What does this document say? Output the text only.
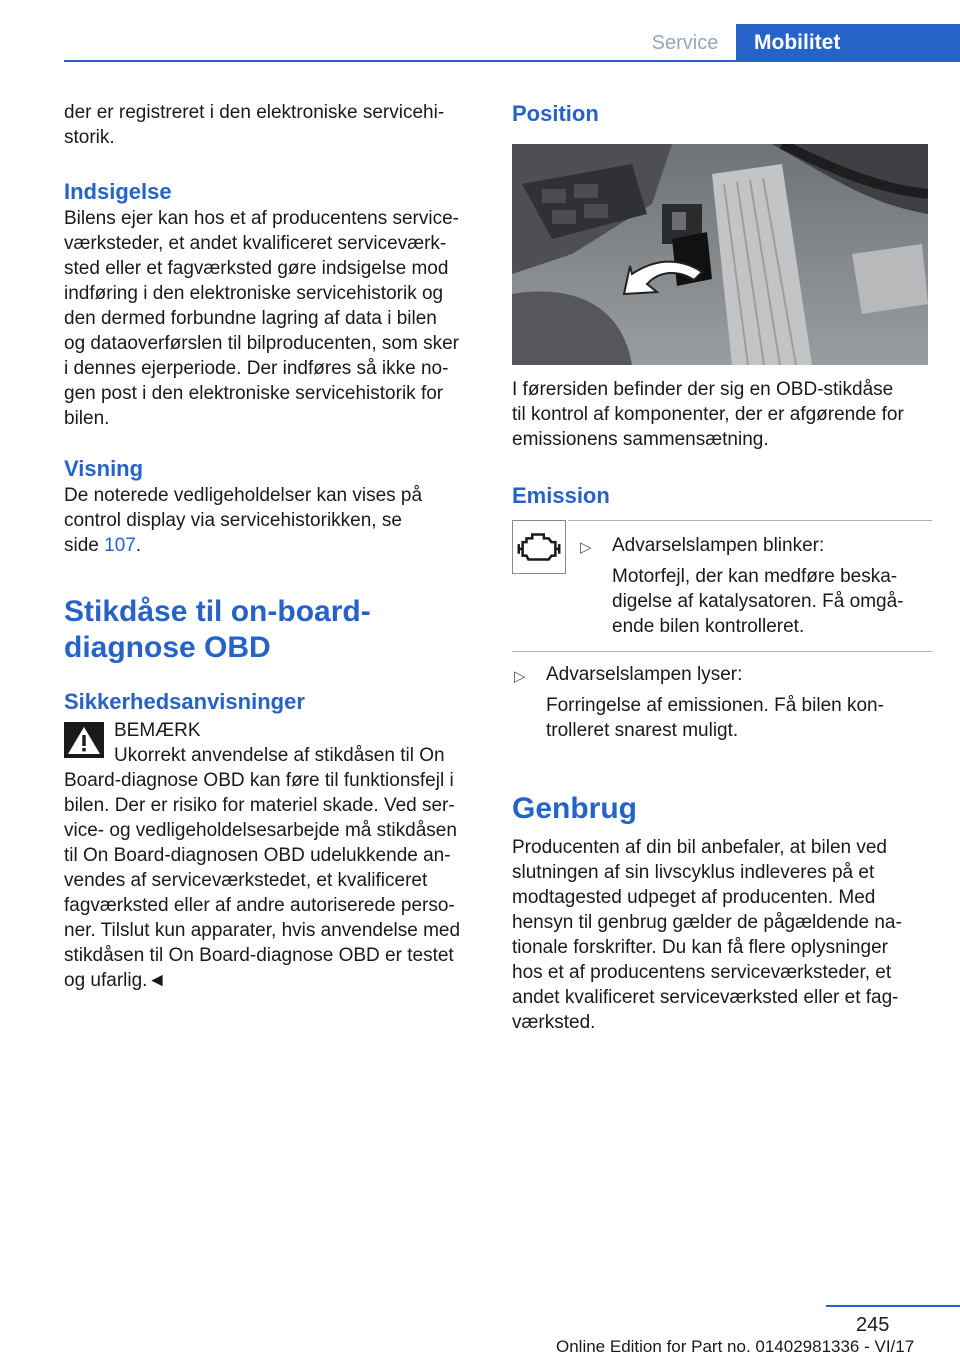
Service	Mobilitet

der er registreret i den elektroniske servicehi-
storik.

Indsigelse

Bilens ejer kan hos et af producentens service-
værksteder, et andet kvalificeret serviceværk-
sted eller et fagværksted gøre indsigelse mod
indføring i den elektroniske servicehistorik og
den dermed forbundne lagring af data i bilen
og dataoverførslen til bilproducenten, som sker
i dennes ejerperiode. Der indføres så ikke no-
gen post i den elektroniske servicehistorik for
bilen.

Visning

De noterede vedligeholdelser kan vises på
control display via servicehistorikken, se
side 107.

Stikdåse til on-board-
diagnose OBD
Sikkerhedsanvisninger

BEMÆRK

Ukorrekt anvendelse af stikdåsen til On

Board-diagnose OBD kan føre til funktionsfejl i
bilen. Der er risiko for materiel skade. Ved ser-
vice- og vedligeholdelsesarbejde må stikdåsen
til On Board-diagnosen OBD udelukkende an-
vendes af serviceværkstedet, et kvalificeret
fagværksted eller af andre autoriserede perso-
ner. Tilslut kun apparater, hvis anvendelse med
stikdåsen til On Board-diagnose OBD er testet
og ufarlig.◄

Position

I førersiden befinder der sig en OBD-stikdåse
til kontrol af komponenter, der er afgørende for
emissionens sammensætning.

Emission
▷ Advarselslampen blinker:

Motorfejl, der kan medføre beska-
digelse af katalysatoren. Få omgå-
ende bilen kontrolleret.

▷ Advarselslampen lyser:

Forringelse af emissionen. Få bilen kon-
trolleret snarest muligt.

Genbrug

Producenten af din bil anbefaler, at bilen ved
slutningen af sin livscyklus indleveres på et
modtagested udpeget af producenten. Med
hensyn til genbrug gælder de pågældende na-
tionale forskrifter. Du kan få flere oplysninger
hos et af producentens serviceværksteder, et
andet kvalificeret serviceværksted eller et fag-
værksted.

245
Online Edition for Part no. 01402981336 - VI/17
